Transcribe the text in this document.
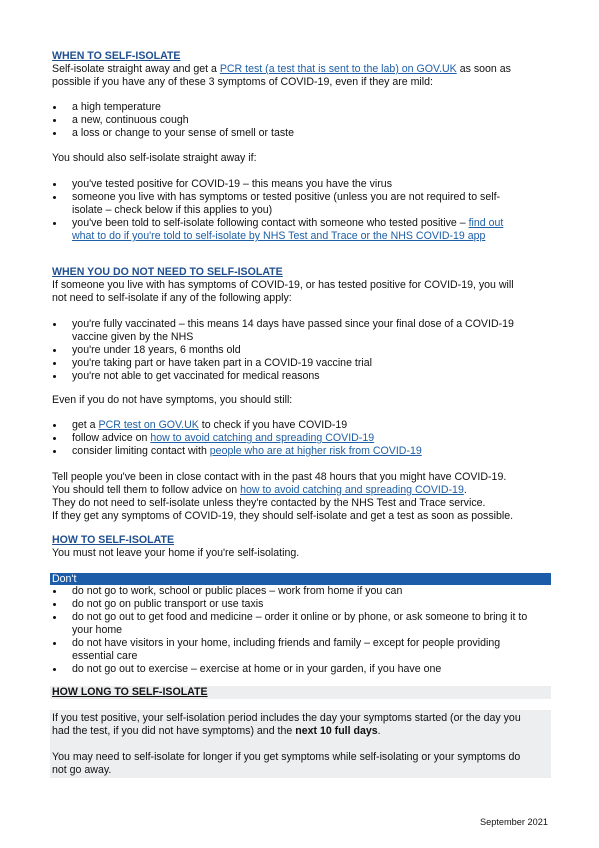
WHEN TO SELF-ISOLATE
Self-isolate straight away and get a PCR test (a test that is sent to the lab) on GOV.UK as soon as
possible if you have any of these 3 symptoms of COVID-19, even if they are mild:
a high temperature
a new, continuous cough
a loss or change to your sense of smell or taste
You should also self-isolate straight away if:
you've tested positive for COVID-19 – this means you have the virus
someone you live with has symptoms or tested positive (unless you are not required to self-
isolate – check below if this applies to you)
you've been told to self-isolate following contact with someone who tested positive – find out
what to do if you're told to self-isolate by NHS Test and Trace or the NHS COVID-19 app
WHEN YOU DO NOT NEED TO SELF-ISOLATE
If someone you live with has symptoms of COVID-19, or has tested positive for COVID-19, you will
not need to self-isolate if any of the following apply:
you're fully vaccinated – this means 14 days have passed since your final dose of a COVID-19
vaccine given by the NHS
you're under 18 years, 6 months old
you're taking part or have taken part in a COVID-19 vaccine trial
you're not able to get vaccinated for medical reasons
Even if you do not have symptoms, you should still:
get a PCR test on GOV.UK to check if you have COVID-19
follow advice on how to avoid catching and spreading COVID-19
consider limiting contact with people who are at higher risk from COVID-19
Tell people you've been in close contact with in the past 48 hours that you might have COVID-19.
You should tell them to follow advice on how to avoid catching and spreading COVID-19.
They do not need to self-isolate unless they're contacted by the NHS Test and Trace service.
If they get any symptoms of COVID-19, they should self-isolate and get a test as soon as possible.
HOW TO SELF-ISOLATE
You must not leave your home if you're self-isolating.
Don't
do not go to work, school or public places – work from home if you can
do not go on public transport or use taxis
do not go out to get food and medicine – order it online or by phone, or ask someone to bring it to
your home
do not have visitors in your home, including friends and family – except for people providing
essential care
do not go out to exercise – exercise at home or in your garden, if you have one
HOW LONG TO SELF-ISOLATE
If you test positive, your self-isolation period includes the day your symptoms started (or the day you
had the test, if you did not have symptoms) and the next 10 full days.
You may need to self-isolate for longer if you get symptoms while self-isolating or your symptoms do
not go away.
September 2021
